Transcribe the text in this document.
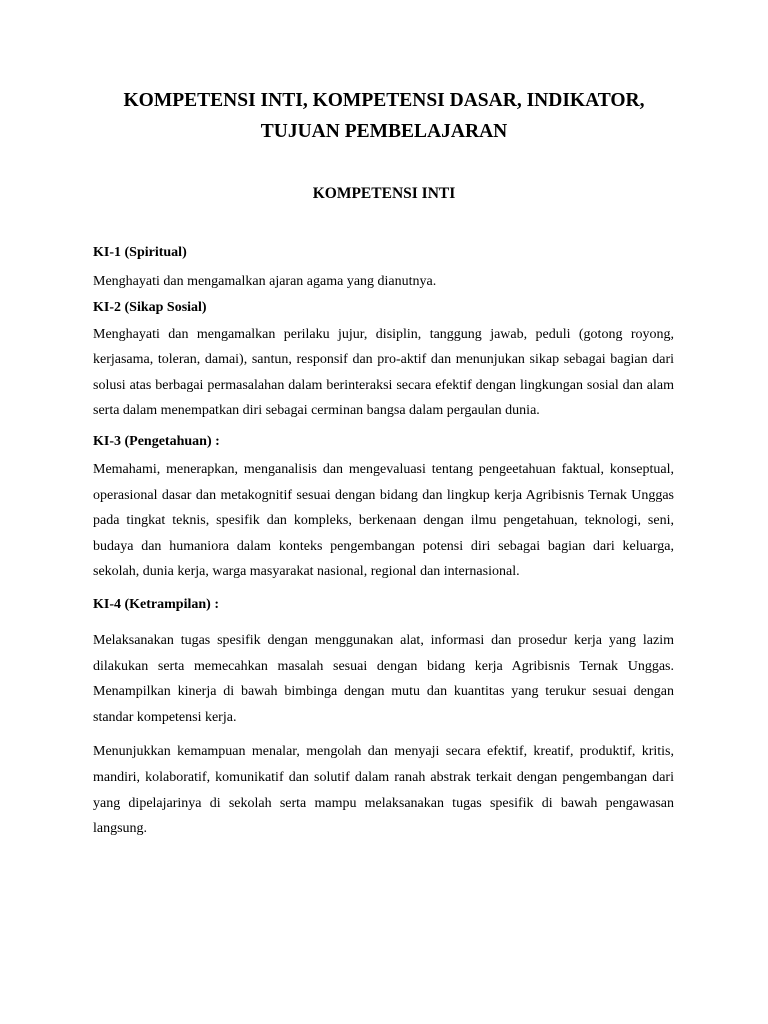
KOMPETENSI INTI, KOMPETENSI DASAR, INDIKATOR,
TUJUAN PEMBELAJARAN
KOMPETENSI INTI

KI-1 (Spiritual)

Menghayati dan mengamalkan ajaran agama yang dianutnya.

KI-2 (Sikap Sosial)

Menghayati dan mengamalkan perilaku jujur, disiplin, tanggung jawab, peduli (gotong royong, kerjasama, toleran, damai), santun, responsif dan pro-aktif dan menunjukan sikap sebagai bagian dari solusi atas berbagai permasalahan dalam berinteraksi secara efektif dengan lingkungan sosial dan alam serta dalam menempatkan diri sebagai cerminan bangsa dalam pergaulan dunia.

KI-3 (Pengetahuan) :

Memahami, menerapkan, menganalisis dan mengevaluasi tentang pengeetahuan faktual, konseptual, operasional dasar dan metakognitif sesuai dengan bidang dan lingkup kerja Agribisnis Ternak Unggas pada tingkat teknis, spesifik dan kompleks, berkenaan dengan ilmu pengetahuan, teknologi, seni, budaya dan humaniora dalam konteks pengembangan potensi diri sebagai bagian dari keluarga, sekolah, dunia kerja, warga masyarakat nasional, regional dan internasional.

KI-4 (Ketrampilan) :

Melaksanakan tugas spesifik dengan menggunakan alat, informasi dan prosedur kerja yang lazim dilakukan serta memecahkan masalah sesuai dengan bidang kerja Agribisnis Ternak Unggas. Menampilkan kinerja di bawah bimbinga dengan mutu dan kuantitas yang terukur sesuai dengan standar kompetensi kerja.

Menunjukkan kemampuan menalar, mengolah dan menyaji secara efektif, kreatif, produktif, kritis, mandiri, kolaboratif, komunikatif dan solutif dalam ranah abstrak terkait dengan pengembangan dari yang dipelajarinya di sekolah serta mampu melaksanakan tugas spesifik di bawah pengawasan langsung.
